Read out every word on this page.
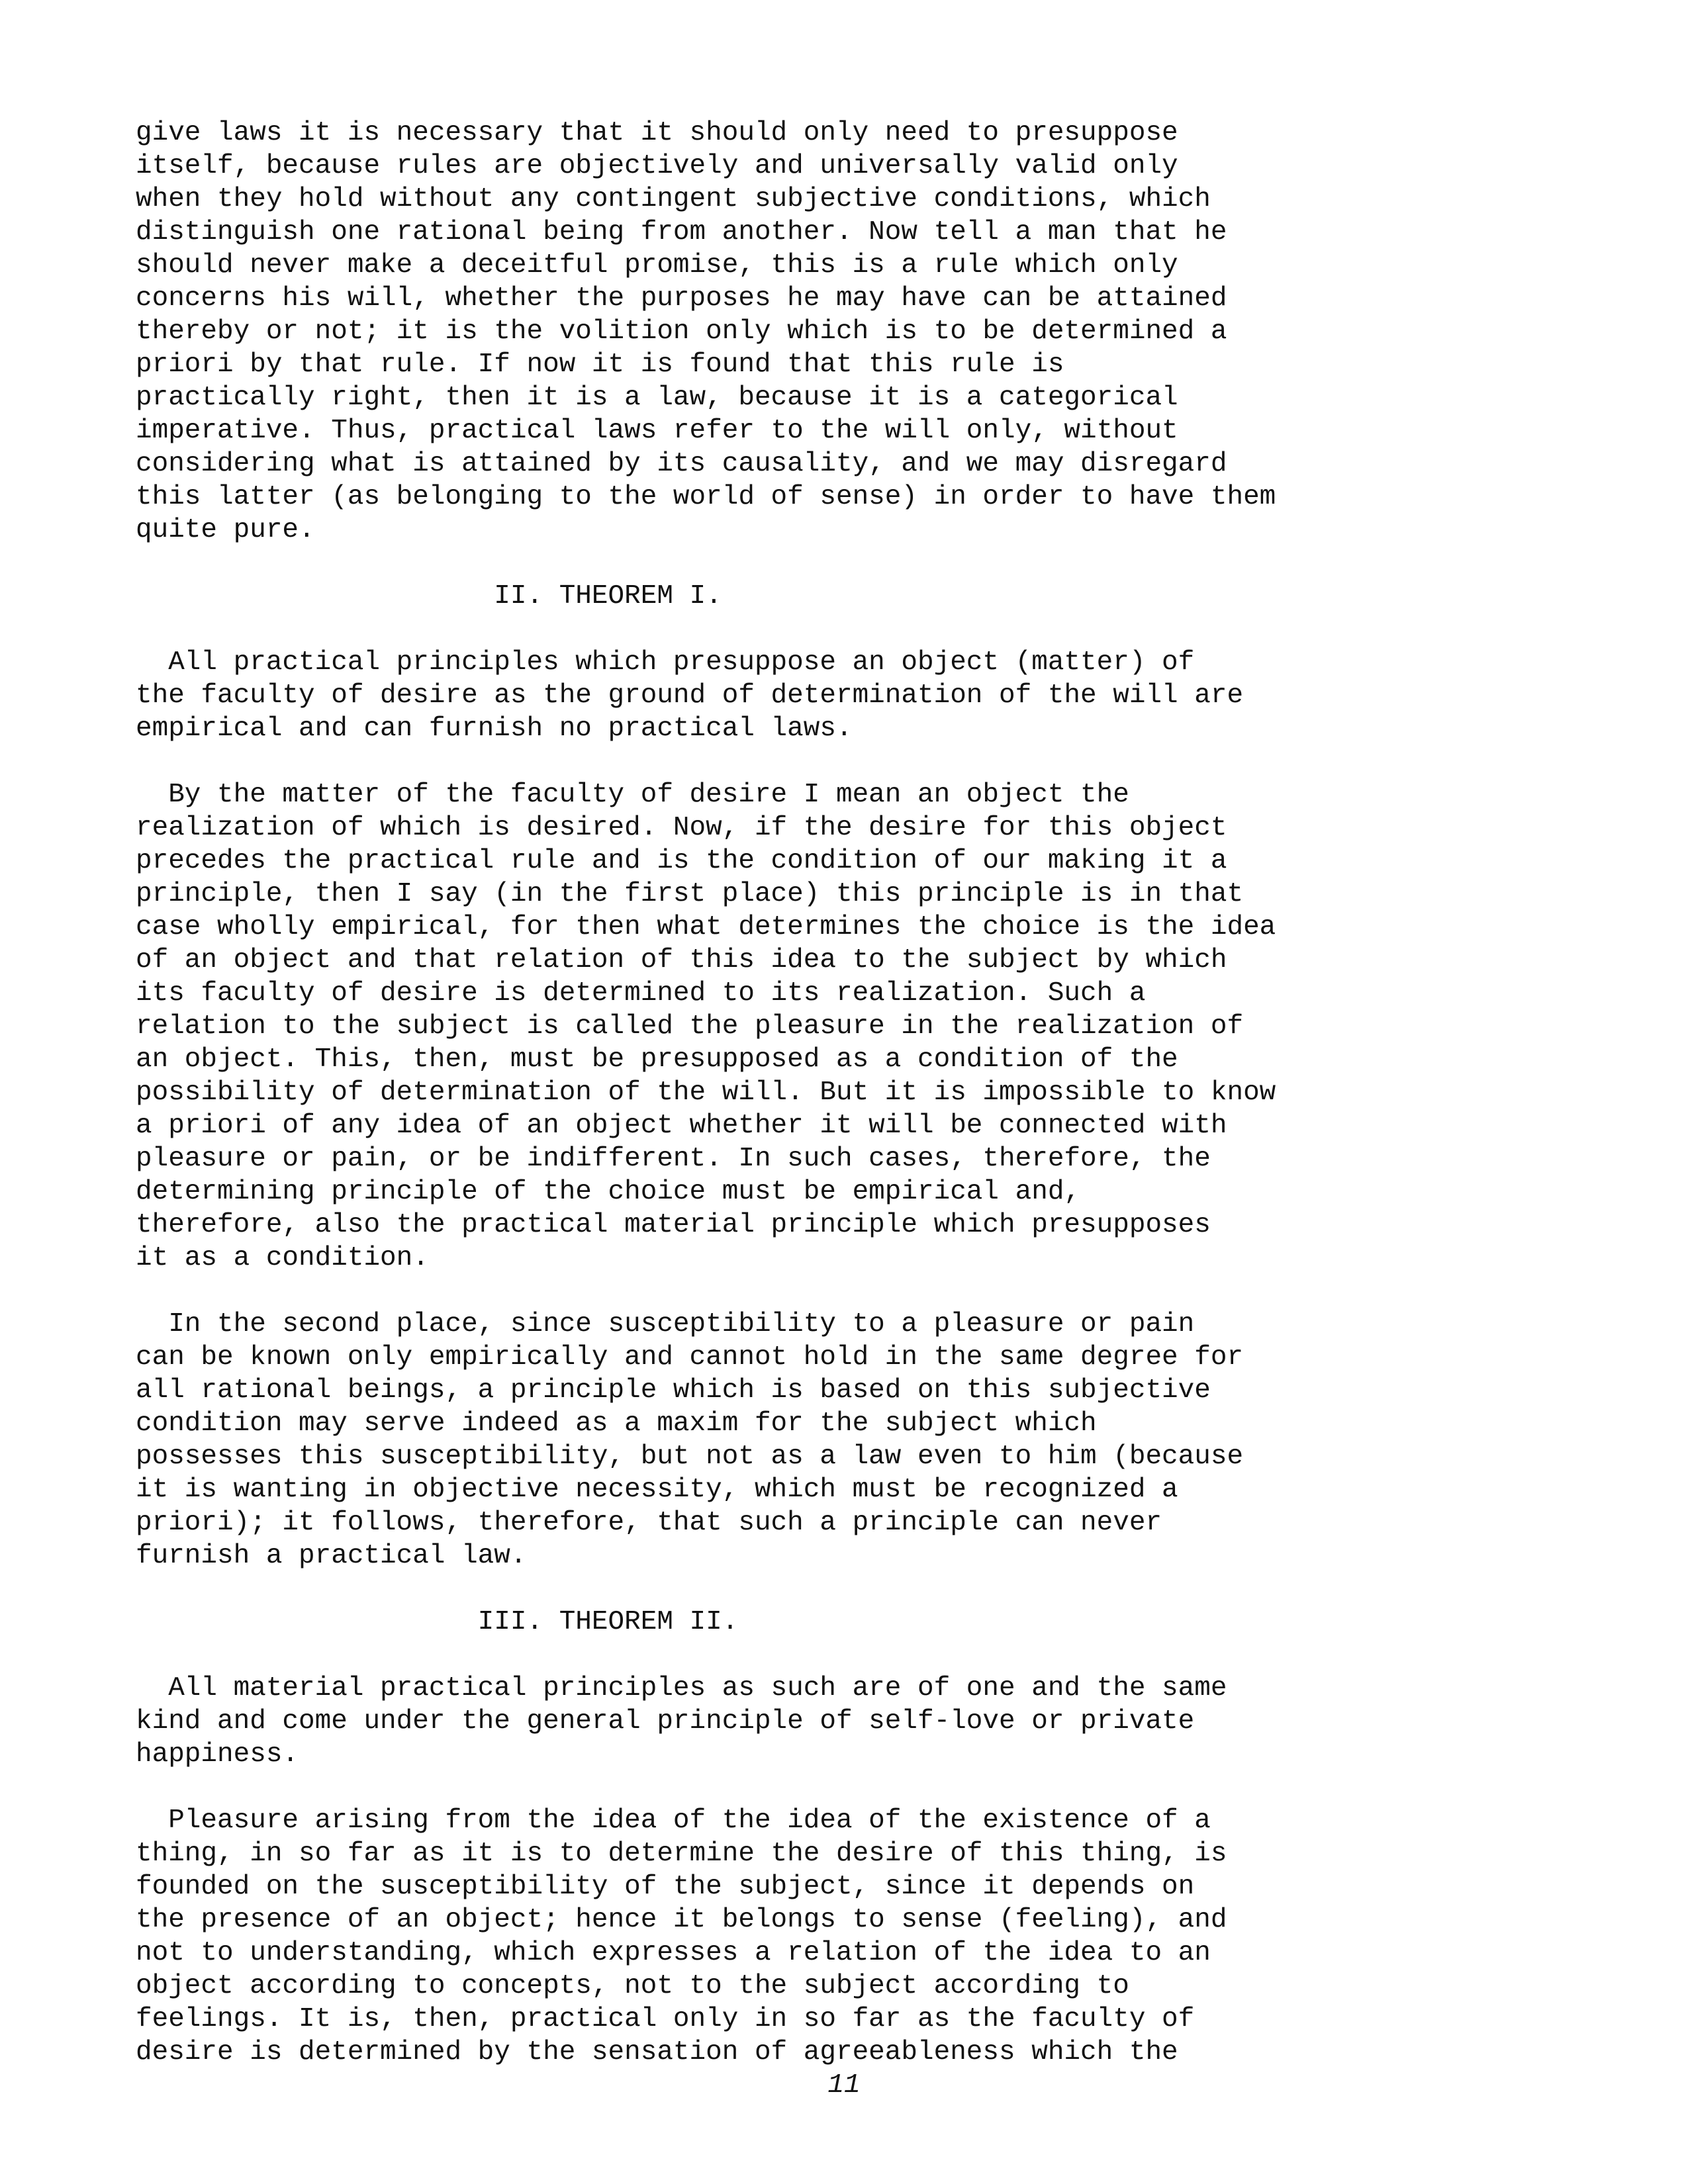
give laws it is necessary that it should only need to presuppose
itself, because rules are objectively and universally valid only
when they hold without any contingent subjective conditions, which
distinguish one rational being from another. Now tell a man that he
should never make a deceitful promise, this is a rule which only
concerns his will, whether the purposes he may have can be attained
thereby or not; it is the volition only which is to be determined a
priori by that rule. If now it is found that this rule is
practically right, then it is a law, because it is a categorical
imperative. Thus, practical laws refer to the will only, without
considering what is attained by its causality, and we may disregard
this latter (as belonging to the world of sense) in order to have them
quite pure.
II. THEOREM I.
All practical principles which presuppose an object (matter) of
the faculty of desire as the ground of determination of the will are
empirical and can furnish no practical laws.
By the matter of the faculty of desire I mean an object the
realization of which is desired. Now, if the desire for this object
precedes the practical rule and is the condition of our making it a
principle, then I say (in the first place) this principle is in that
case wholly empirical, for then what determines the choice is the idea
of an object and that relation of this idea to the subject by which
its faculty of desire is determined to its realization. Such a
relation to the subject is called the pleasure in the realization of
an object. This, then, must be presupposed as a condition of the
possibility of determination of the will. But it is impossible to know
a priori of any idea of an object whether it will be connected with
pleasure or pain, or be indifferent. In such cases, therefore, the
determining principle of the choice must be empirical and,
therefore, also the practical material principle which presupposes
it as a condition.
In the second place, since susceptibility to a pleasure or pain
can be known only empirically and cannot hold in the same degree for
all rational beings, a principle which is based on this subjective
condition may serve indeed as a maxim for the subject which
possesses this susceptibility, but not as a law even to him (because
it is wanting in objective necessity, which must be recognized a
priori); it follows, therefore, that such a principle can never
furnish a practical law.
III. THEOREM II.
All material practical principles as such are of one and the same
kind and come under the general principle of self-love or private
happiness.
Pleasure arising from the idea of the idea of the existence of a
thing, in so far as it is to determine the desire of this thing, is
founded on the susceptibility of the subject, since it depends on
the presence of an object; hence it belongs to sense (feeling), and
not to understanding, which expresses a relation of the idea to an
object according to concepts, not to the subject according to
feelings. It is, then, practical only in so far as the faculty of
desire is determined by the sensation of agreeableness which the
11
